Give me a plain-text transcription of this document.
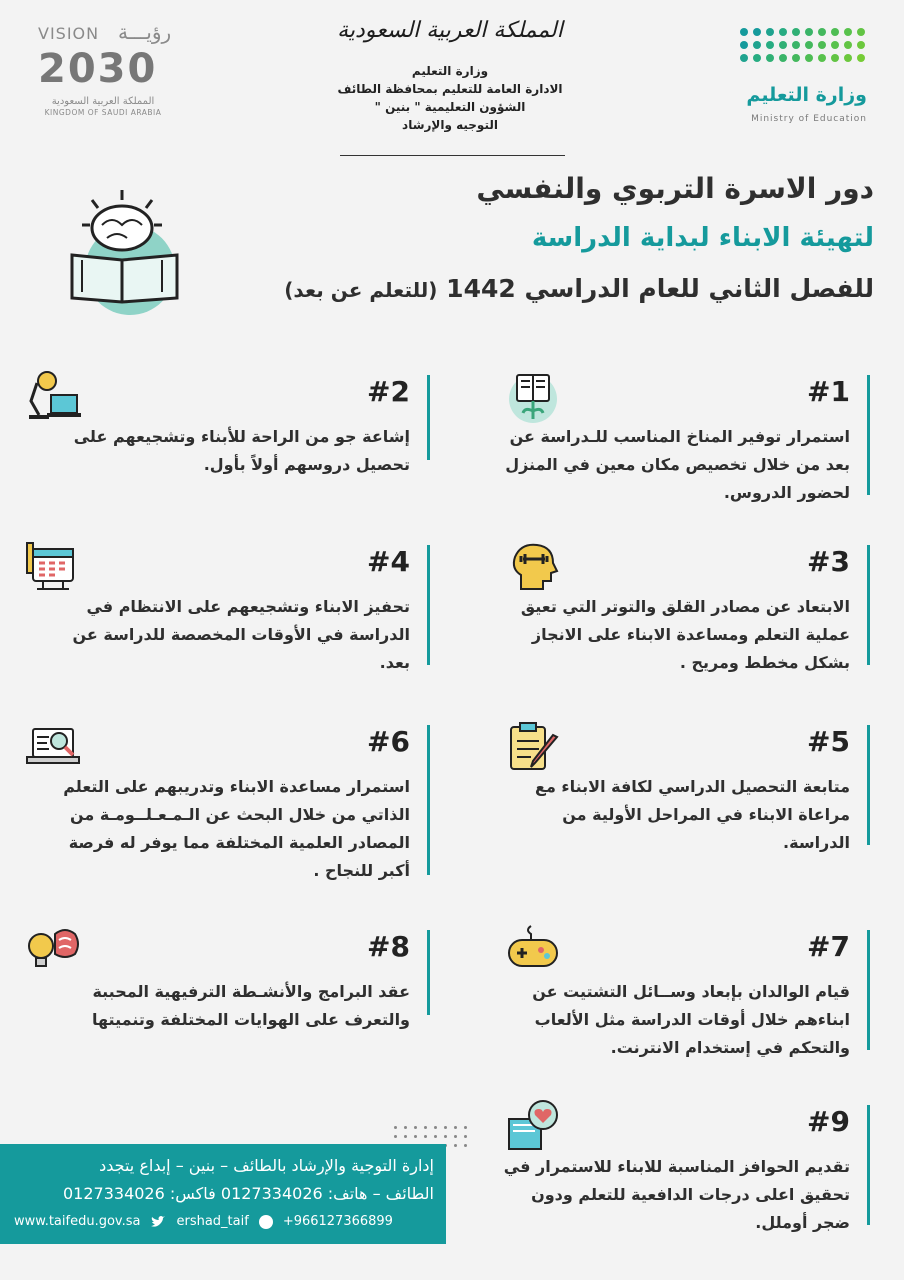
وزارة التعليم
Ministry of Education
المملكة العربية السعودية
وزارة التعليم
الادارة العامة للتعليم بمحافظة الطائف
الشؤون التعليمية " بنين "
التوجيه والإرشاد
VISION رؤيـــة
2030
المملكة العربية السعودية
KINGDOM OF SAUDI ARABIA
دور الاسرة التربوي والنفسي
لتهيئة الابناء لبداية الدراسة
للفصل الثاني للعام الدراسي 1442 (للتعلم عن بعد)
#1
استمرار توفير المناخ المناسب للـدراسة عن بعد من خلال تخصيص مكان معين في المنزل لحضور الدروس.
#2
إشاعة جو من الراحة للأبناء وتشجيعهم على تحصيل دروسهم أولاً بأول.
#3
الابتعاد عن مصادر القلق والتوتر التي تعيق عملية التعلم ومساعدة الابناء على الانجاز بشكل مخطط ومريح .
#4
تحفيز الابناء وتشجيعهم على الانتظام في الدراسة في الأوقات المخصصة للدراسة عن بعد.
#5
متابعة التحصيل الدراسي لكافة الابناء مع مراعاة الابناء في المراحل الأولية من الدراسة.
#6
استمرار مساعدة الابناء وتدريبهم على التعلم الذاتي من خلال البحث عن الـمـعـلــومـة من المصادر العلمية المختلفة مما يوفر له فرصة أكبر للنجاح .
#7
قيام الوالدان بإبعاد وســائل التشتيت عن ابناءهم خلال أوقات الدراسة مثل الألعاب والتحكم في إستخدام الانترنت.
#8
عقد البرامج والأنشـطة الترفيهية المحببة والتعرف على الهوايات المختلفة وتنميتها
#9
تقديم الحوافز المناسبة للابناء للاستمرار في تحقيق اعلى درجات الدافعية للتعلم ودون ضجر أوملل.
إدارة التوجية والإرشاد بالطائف – بنين – إبداع يتجدد
الطائف – هاتف: 0127334026 فاكس: 0127334026
www.taifedu.gov.sa	ershad_taif	+966127366899
